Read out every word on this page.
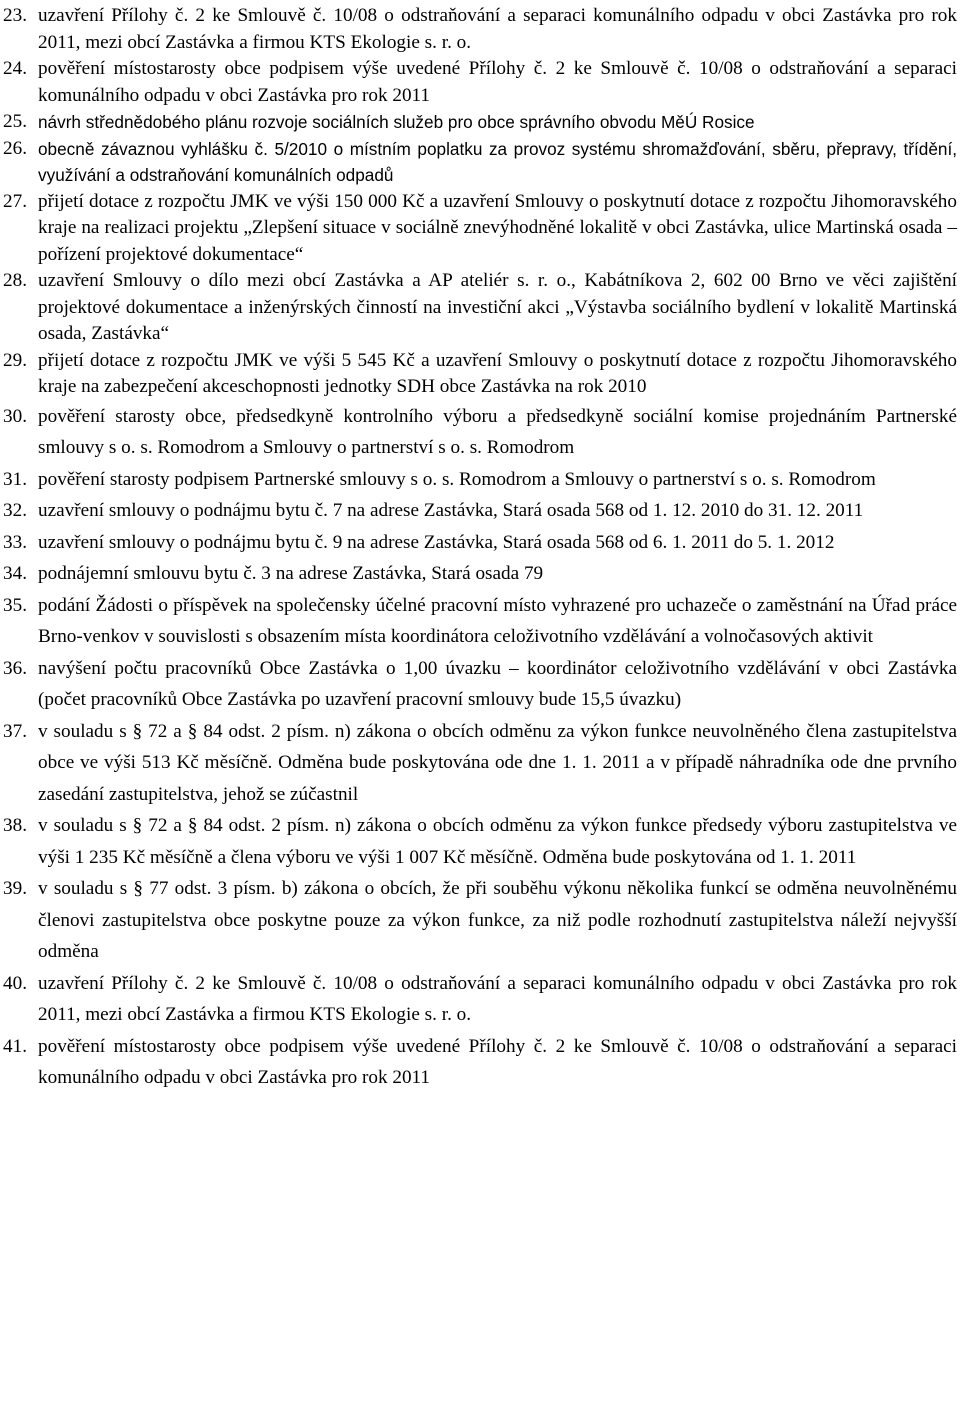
23. uzavření Přílohy č. 2 ke Smlouvě č. 10/08 o odstraňování a separaci komunálního odpadu v obci Zastávka pro rok 2011, mezi obcí Zastávka a firmou KTS Ekologie s. r. o.
24. pověření místostarosty obce podpisem výše uvedené Přílohy č. 2 ke Smlouvě č. 10/08 o odstraňování a separaci komunálního odpadu v obci Zastávka pro rok 2011
25. návrh střednědobého plánu rozvoje sociálních služeb pro obce správního obvodu MěÚ Rosice
26. obecně závaznou vyhlášku č. 5/2010 o místním poplatku za provoz systému shromažďování, sběru, přepravy, třídění, využívání a odstraňování komunálních odpadů
27. přijetí dotace z rozpočtu JMK ve výši 150 000 Kč a uzavření Smlouvy o poskytnutí dotace z rozpočtu Jihomoravského kraje na realizaci projektu „Zlepšení situace v sociálně znevýhodněné lokalitě v obci Zastávka, ulice Martinská osada – pořízení projektové dokumentace“
28. uzavření Smlouvy o dílo mezi obcí Zastávka a AP ateliér s. r. o., Kabátníkova 2, 602 00 Brno ve věci zajištění projektové dokumentace a inženýrských činností na investiční akci „Výstavba sociálního bydlení v lokalitě Martinská osada, Zastávka“
29. přijetí dotace z rozpočtu JMK ve výši 5 545 Kč a uzavření Smlouvy o poskytnutí dotace z rozpočtu Jihomoravského kraje na zabezpečení akceschopnosti jednotky SDH obce Zastávka na rok 2010
30. pověření starosty obce, předsedkyně kontrolního výboru a předsedkyně sociální komise projednáním Partnerské smlouvy s o. s. Romodrom a Smlouvy o partnerství s o. s. Romodrom
31. pověření starosty podpisem Partnerské smlouvy s o. s. Romodrom a Smlouvy o partnerství s o. s. Romodrom
32. uzavření smlouvy o podnájmu bytu č. 7 na adrese Zastávka, Stará osada 568 od 1. 12. 2010 do 31. 12. 2011
33. uzavření smlouvy o podnájmu bytu č. 9 na adrese Zastávka, Stará osada 568 od 6. 1. 2011 do 5. 1. 2012
34. podnájemní smlouvu bytu č. 3 na adrese Zastávka, Stará osada 79
35. podání Žádosti o příspěvek na společensky účelné pracovní místo vyhrazené pro uchazeče o zaměstnání na Úřad práce Brno-venkov v souvislosti s obsazením místa koordinátora celoživotního vzdělávání a volnočasových aktivit
36. navýšení počtu pracovníků Obce Zastávka o 1,00 úvazku – koordinátor celoživotního vzdělávání v obci Zastávka (počet pracovníků Obce Zastávka po uzavření pracovní smlouvy bude 15,5 úvazku)
37. v souladu s § 72 a § 84 odst. 2 písm. n) zákona o obcích odměnu za výkon funkce neuvolněného člena zastupitelstva obce ve výši 513 Kč měsíčně. Odměna bude poskytována ode dne 1. 1. 2011 a v případě náhradníka ode dne prvního zasedání zastupitelstva, jehož se zúčastnil
38. v souladu s § 72 a § 84 odst. 2 písm. n) zákona o obcích odměnu za výkon funkce předsedy výboru zastupitelstva ve výši 1 235 Kč měsíčně a člena výboru ve výši 1 007 Kč měsíčně. Odměna bude poskytována od 1. 1. 2011
39. v souladu s § 77 odst. 3 písm. b) zákona o obcích, že při souběhu výkonu několika funkcí se odměna neuvolněnému členovi zastupitelstva obce poskytne pouze za výkon funkce, za niž podle rozhodnutí zastupitelstva náleží nejvyšší odměna
40. uzavření Přílohy č. 2 ke Smlouvě č. 10/08 o odstraňování a separaci komunálního odpadu v obci Zastávka pro rok 2011, mezi obcí Zastávka a firmou KTS Ekologie s. r. o.
41. pověření místostarosty obce podpisem výše uvedené Přílohy č. 2 ke Smlouvě č. 10/08 o odstraňování a separaci komunálního odpadu v obci Zastávka pro rok 2011
